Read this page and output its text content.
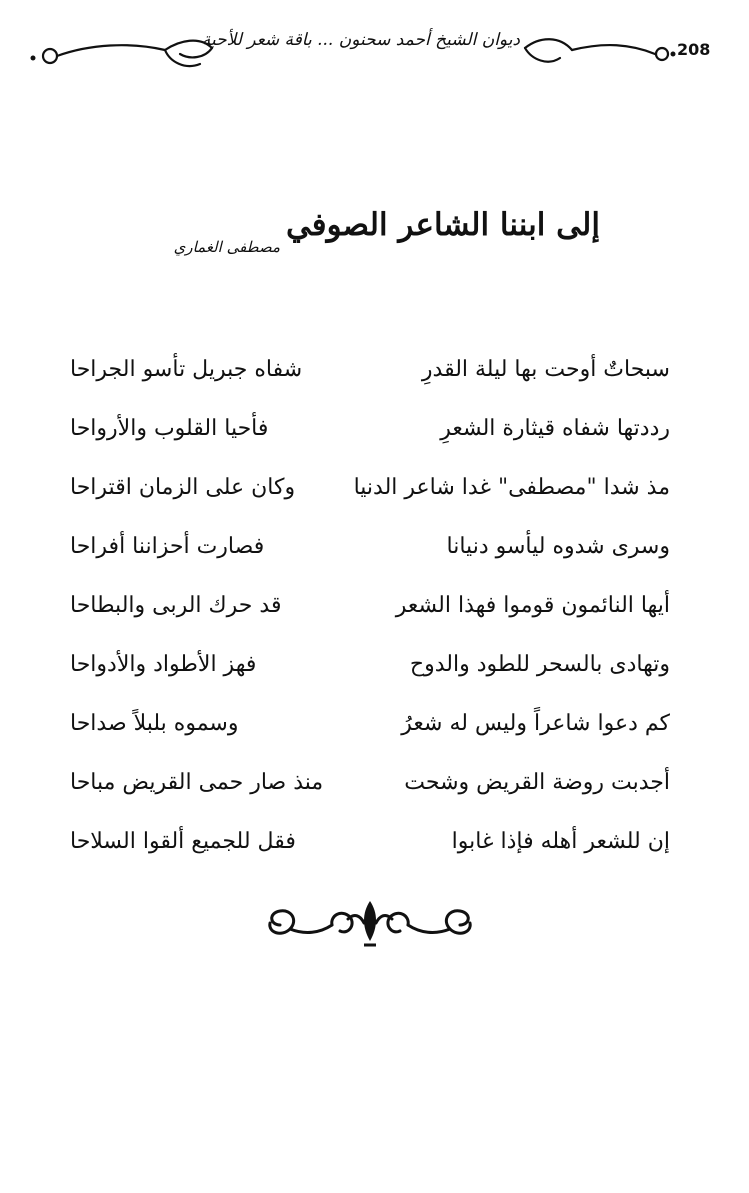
ديوان الشيخ أحمد سحنون ... باقة شعر للأحبة	208
إلى ابننا الشاعر الصوفي
مصطفى الغماري
سبحاتٌ أوحت بها ليلة القدرِ
شفاه جبريل تأسو الجراحا
رددتها شفاه قيثارة الشعرِ
فأحيا القلوب والأرواحا
مذ شدا "مصطفى" غدا شاعر الدنيا
وكان على الزمان اقتراحا
وسرى شدوه ليأسو دنيانا
فصارت أحزاننا أفراحا
أيها النائمون قوموا فهذا الشعر
قد حرك الربى والبطاحا
وتهادى بالسحر للطود والدوح
فهز الأطواد والأدواحا
كم دعوا شاعراً وليس له شعرُ
وسموه بلبلاً صداحا
أجدبت روضة القريض وشحت
منذ صار حمى القريض مباحا
إن للشعر أهله فإذا غابوا
فقل للجميع ألقوا السلاحا
